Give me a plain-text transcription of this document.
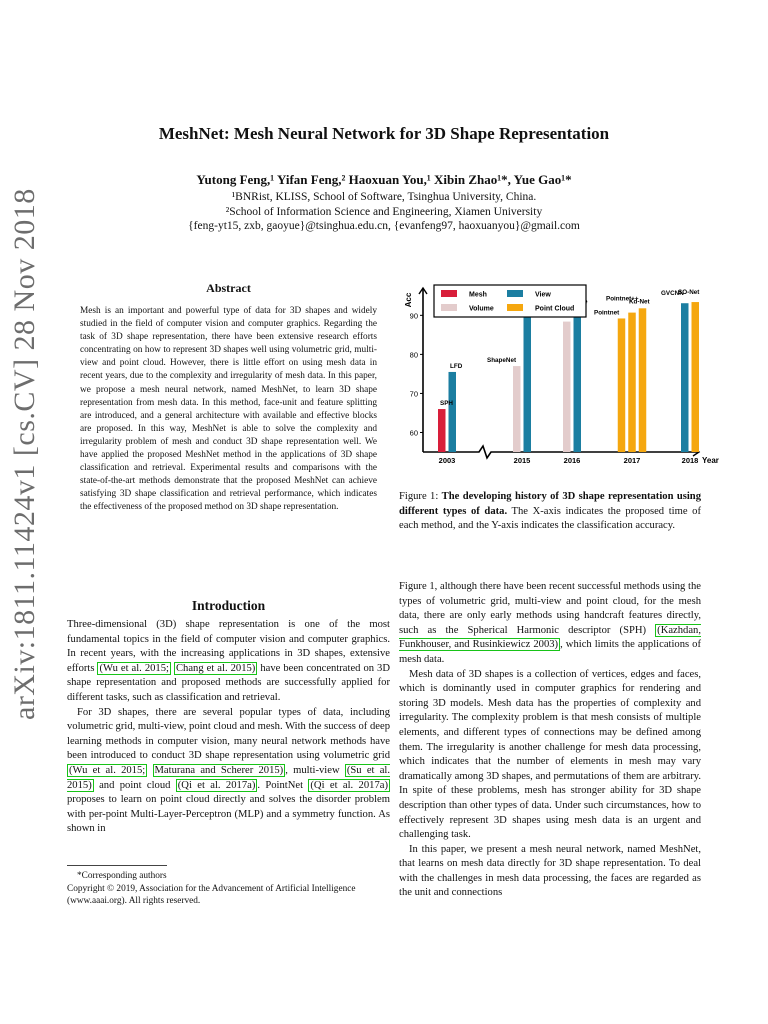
arXiv:1811.11424v1 [cs.CV] 28 Nov 2018
MeshNet: Mesh Neural Network for 3D Shape Representation
Yutong Feng,¹ Yifan Feng,² Haoxuan You,¹ Xibin Zhao¹*, Yue Gao¹*
¹BNRist, KLISS, School of Software, Tsinghua University, China.
²School of Information Science and Engineering, Xiamen University
{feng-yt15, zxb, gaoyue}@tsinghua.edu.cn, {evanfeng97, haoxuanyou}@gmail.com
Abstract
Mesh is an important and powerful type of data for 3D shapes and widely studied in the field of computer vision and computer graphics. Regarding the task of 3D shape representation, there have been extensive research efforts concentrating on how to represent 3D shapes well using volumetric grid, multi-view and point cloud. However, there is little effort on using mesh data in recent years, due to the complexity and irregularity of mesh data. In this paper, we propose a mesh neural network, named MeshNet, to learn 3D shape representation from mesh data. In this method, face-unit and feature splitting are introduced, and a general architecture with available and effective blocks are proposed. In this way, MeshNet is able to solve the complexity and irregularity problem of mesh and conduct 3D shape representation well. We have applied the proposed MeshNet method in the applications of 3D shape classification and retrieval. Experimental results and comparisons with the state-of-the-art methods demonstrate that the proposed MeshNet can achieve satisfying 3D shape classification and retrieval performance, which indicates the effectiveness of the proposed method on 3D shape representation.
Introduction

Three-dimensional (3D) shape representation is one of the most fundamental topics in the field of computer vision and computer graphics. In recent years, with the increasing applications in 3D shapes, extensive efforts (Wu et al. 2015; Chang et al. 2015) have been concentrated on 3D shape representation and proposed methods are successfully applied for different tasks, such as classification and retrieval.

For 3D shapes, there are several popular types of data, including volumetric grid, multi-view, point cloud and mesh. With the success of deep learning methods in computer vision, many neural network methods have been introduced to conduct 3D shape representation using volumetric grid (Wu et al. 2015; Maturana and Scherer 2015) , multi-view (Su et al. 2015) and point cloud (Qi et al. 2017a) . PointNet (Qi et al. 2017a) proposes to learn on point cloud directly and solves the disorder problem with per-point Multi-Layer-Perceptron (MLP) and a symmetry function. As shown in

*Corresponding authors
Copyright © 2019, Association for the Advancement of Artificial Intelligence (www.aaai.org). All rights reserved.
Acc
Year
60
70
80
90
2003	2015	2016	2017	2018
SPH
LFD
ShapeNet
Pointnet
Pointnet++
Kd-Net
GVCNN
SO-Net
Mesh	View
Volume	Point Cloud
Figure 1: The developing history of 3D shape representation using different types of data. The X-axis indicates the proposed time of each method, and the Y-axis indicates the classification accuracy.

Figure 1, although there have been recent successful methods using the types of volumetric grid, multi-view and point cloud, for the mesh data, there are only early methods using handcraft features directly, such as the Spherical Harmonic descriptor (SPH) (Kazhdan, Funkhouser, and Rusinkiewicz 2003) , which limits the applications of mesh data.

Mesh data of 3D shapes is a collection of vertices, edges and faces, which is dominantly used in computer graphics for rendering and storing 3D models. Mesh data has the properties of complexity and irregularity. The complexity problem is that mesh consists of multiple elements, and different types of connections may be defined among them. The irregularity is another challenge for mesh data processing, which indicates that the number of elements in mesh may vary dramatically among 3D shapes, and permutations of them are arbitrary. In spite of these problems, mesh has stronger ability for 3D shape description than other types of data. Under such circumstances, how to effectively represent 3D shapes using mesh data is an urgent and challenging task.

In this paper, we present a mesh neural network, named MeshNet, that learns on mesh data directly for 3D shape representation. To deal with the challenges in mesh data processing, the faces are regarded as the unit and connections
